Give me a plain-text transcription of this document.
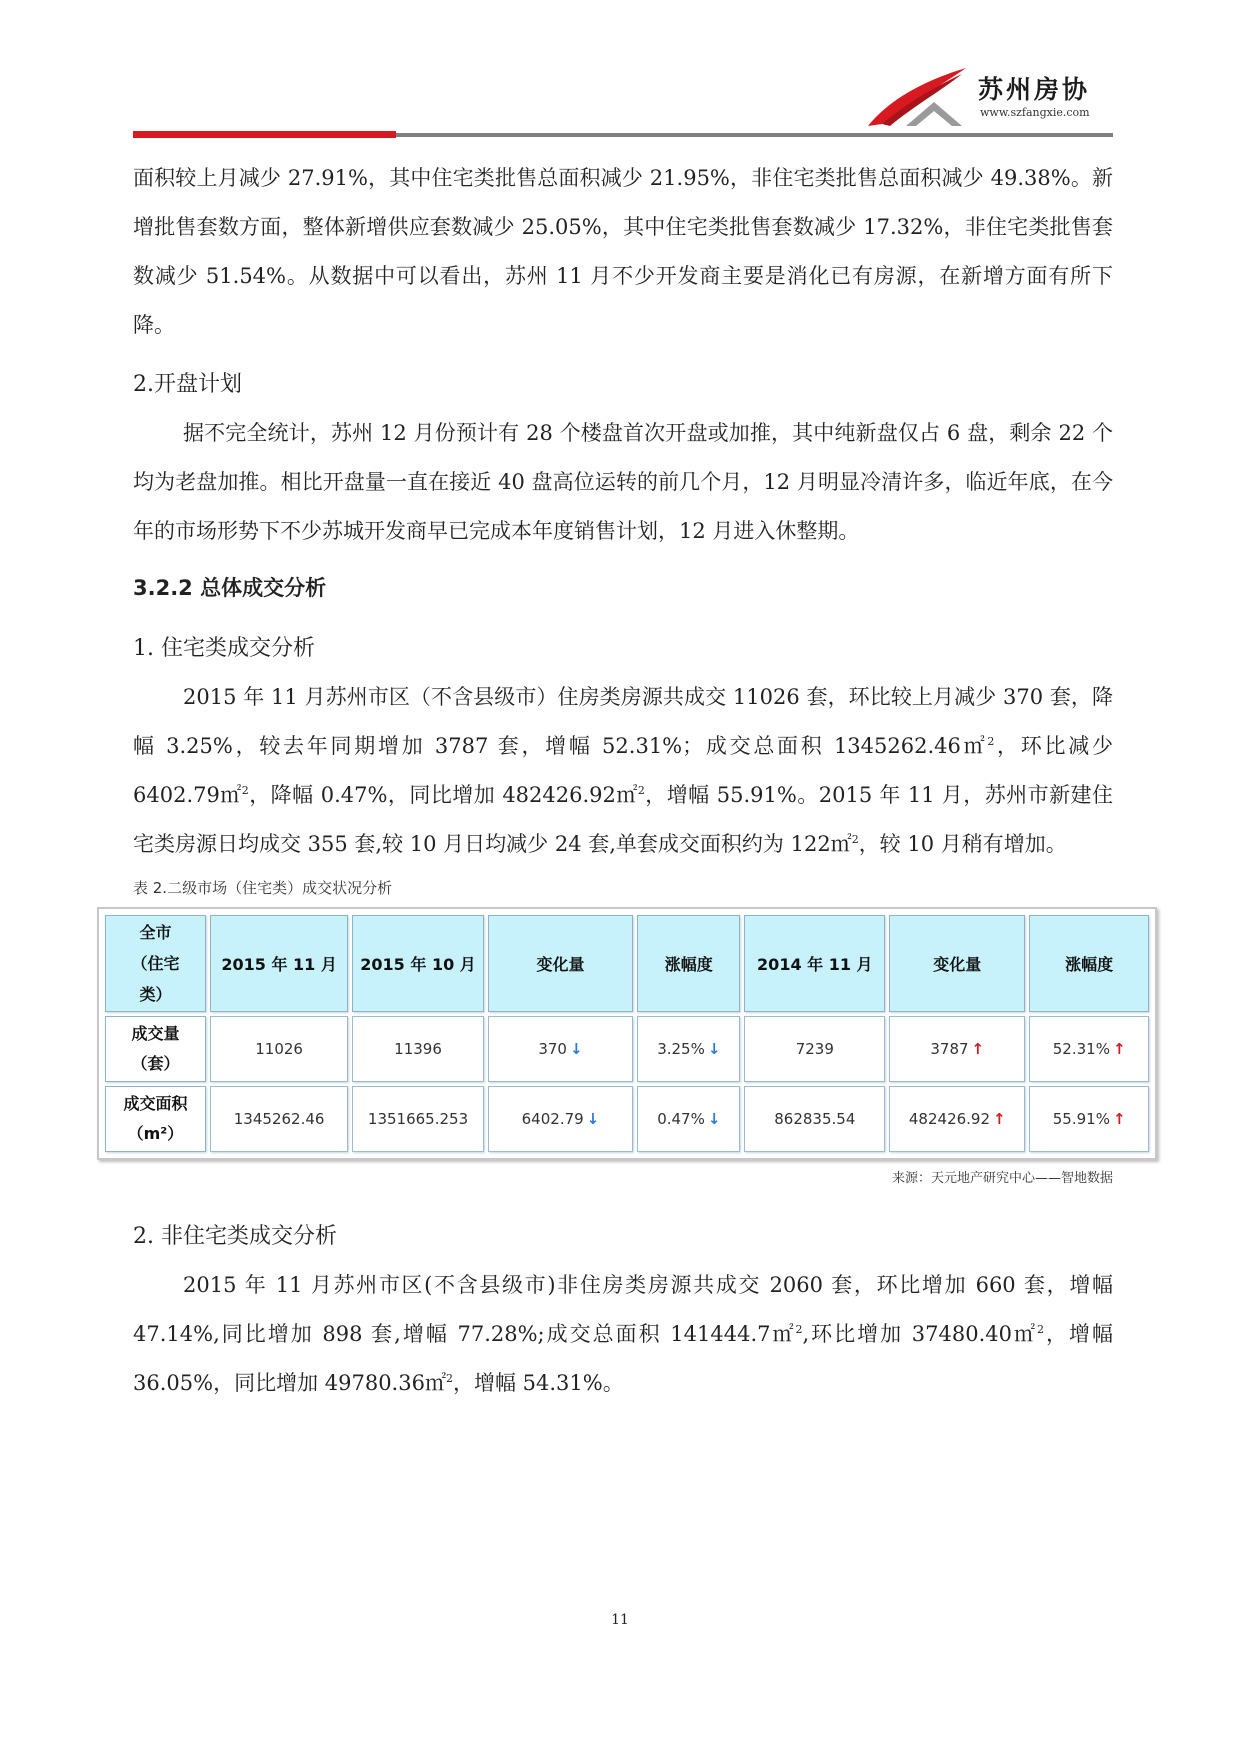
苏州房协
www.szfangxie.com

面积较上月减少 27.91%，其中住宅类批售总面积减少 21.95%，非住宅类批售总面积减少 49.38%。新增批售套数方面，整体新增供应套数减少 25.05%，其中住宅类批售套数减少 17.32%，非住宅类批售套数减少 51.54%。从数据中可以看出，苏州 11 月不少开发商主要是消化已有房源，在新增方面有所下降。

2.开盘计划

据不完全统计，苏州 12 月份预计有 28 个楼盘首次开盘或加推，其中纯新盘仅占 6 盘，剩余 22 个均为老盘加推。相比开盘量一直在接近 40 盘高位运转的前几个月，12 月明显冷清许多，临近年底，在今年的市场形势下不少苏城开发商早已完成本年度销售计划，12 月进入休整期。

3.2.2 总体成交分析

1. 住宅类成交分析

2015 年 11 月苏州市区（不含县级市）住房类房源共成交 11026 套，环比较上月减少 370 套，降幅 3.25%，较去年同期增加 3787 套，增幅 52.31%；成交总面积 1345262.46㎡$^2$，环比减少 6402.79㎡$^2$，降幅 0.47%，同比增加 482426.92㎡$^2$，增幅 55.91%。2015 年 11 月，苏州市新建住宅类房源日均成交 355 套,较 10 月日均减少 24 套,单套成交面积约为 122㎡$^2$，较 10 月稍有增加。

表 2.二级市场（住宅类）成交状况分析

全市
（住宅
类）	2015 年 11 月	2015 年 10 月	变化量	涨幅度	2014 年 11 月	变化量	涨幅度

成交量
（套）	11026	11396	370 ↓	3.25% ↓	7239	3787 ↑	52.31% ↑

成交面积
（m²）	1345262.46	1351665.253	6402.79 ↓	0.47% ↓	862835.54	482426.92 ↑	55.91% ↑
来源：天元地产研究中心——智地数据

2. 非住宅类成交分析

2015 年 11 月苏州市区(不含县级市)非住房类房源共成交 2060 套，环比增加 660 套，增幅 47.14%,同比增加 898 套,增幅 77.28%;成交总面积 141444.7㎡$^2$,环比增加 37480.40㎡$^2$，增幅 36.05%，同比增加 49780.36㎡$^2$，增幅 54.31%。

11
